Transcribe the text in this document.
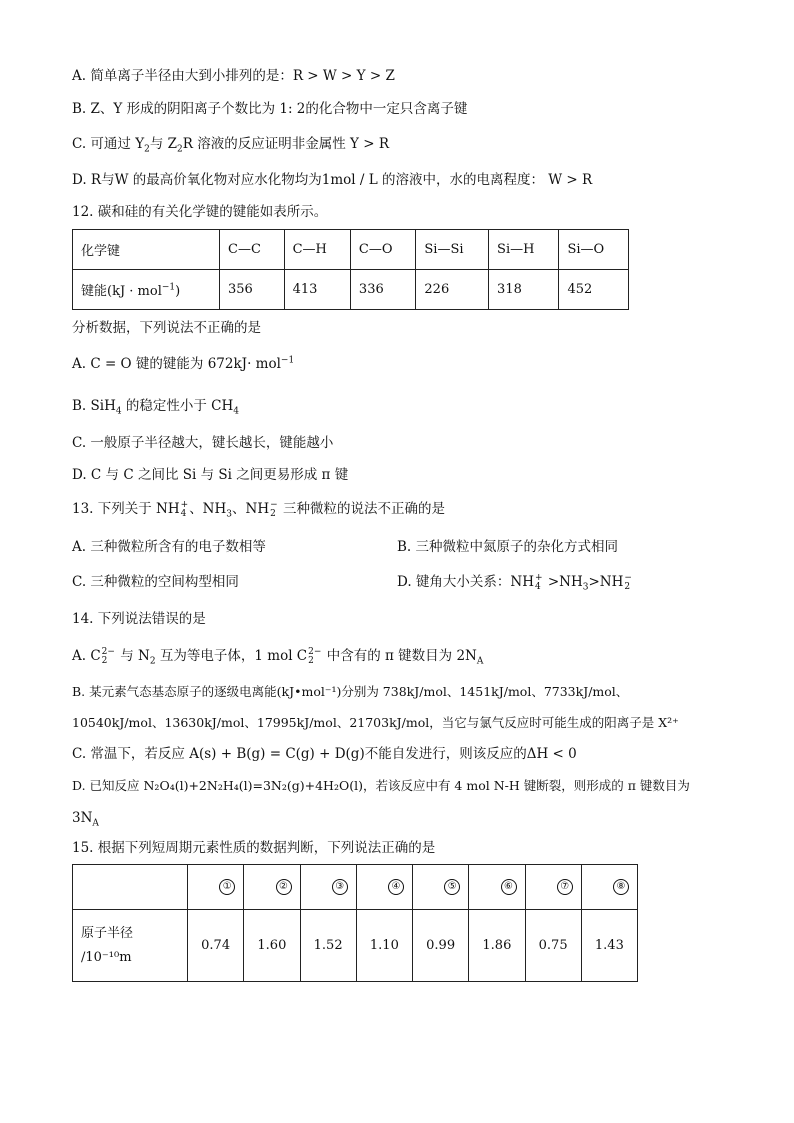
A. 简单离子半径由大到小排列的是：R > W > Y > Z
B. Z、Y 形成的阴阳离子个数比为 1: 2的化合物中一定只含离子键
C. 可通过 $Y_2$与 $Z_2R$ 溶液的反应证明非金属性 Y > R
D. R与W 的最高价氧化物对应水化物均为1mol / L 的溶液中，水的电离程度： W > R
12. 碳和硅的有关化学键的键能如表所示。
化学键	C—C	C—H	C—O	Si—Si	Si—H	Si—O
键能(kJ · mol$^{-1}$)	356	413	336	226	318	452
分析数据，下列说法不正确的是
A. C = O 键的键能为 672kJ· mol$^{-1}$
B. SiH$_4$ 的稳定性小于 $CH_4$
C. 一般原子半径越大，键长越长，键能越小
D. C 与 C 之间比 Si 与 Si 之间更易形成 π 键
13. 下列关于 NH +
4 、$NH_3$、NH −
2 三种微粒的说法不正确的是
A. 三种微粒所含有的电子数相等	B. 三种微粒中氮原子的杂化方式相同
C. 三种微粒的空间构型相同	D. 键角大小关系：NH +
$4 >NH_3>NH$ −
2
14. 下列说法错误的是
A. C 2−
2 与 $N_2$ 互为等电子体，1 mol C 2−
2 中含有的 π 键数目为 $2N_A$
B. 某元素气态基态原子的逐级电离能(kJ•mol⁻¹)分别为 738kJ/mol、1451kJ/mol、7733kJ/mol、
10540kJ/mol、13630kJ/mol、17995kJ/mol、21703kJ/mol，当它与氯气反应时可能生成的阳离子是 X²⁺
C. 常温下，若反应 A(s) + B(g) = C(g) + D(g)不能自发进行，则该反应的ΔH < 0
D. 已知反应 N₂O₄(l)+2N₂H₄(l)=3N₂(g)+4H₂O(l)，若该反应中有 4 mol N-H 键断裂，则形成的 π 键数目为
$3N_A$
15. 根据下列短周期元素性质的数据判断，下列说法正确的是

	①	②	③	④	⑤	⑥	⑦	⑧

原子半径
/10⁻¹⁰m	0.74	1.60	1.52	1.10	0.99	1.86	0.75	1.43
